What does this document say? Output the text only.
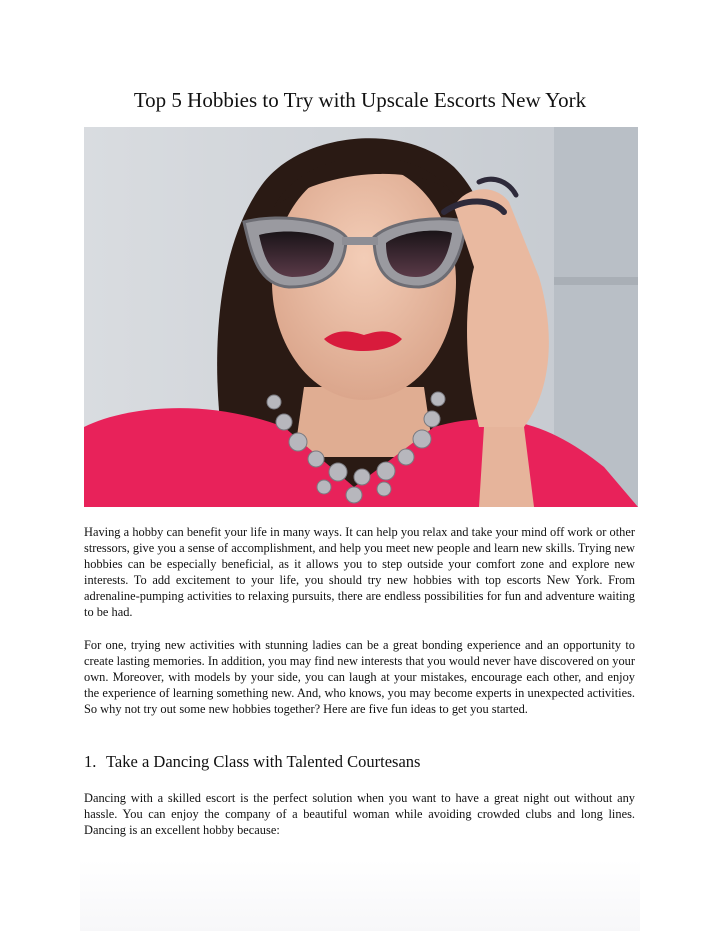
Top 5 Hobbies to Try with Upscale Escorts New York

Having a hobby can benefit your life in many ways. It can help you relax and take your mind off work or other stressors, give you a sense of accomplishment, and help you meet new people and learn new skills. Trying new hobbies can be especially beneficial, as it allows you to step outside your comfort zone and explore new interests. To add excitement to your life, you should try new hobbies with top escorts New York. From adrenaline-pumping activities to relaxing pursuits, there are endless possibilities for fun and adventure waiting to be had.

For one, trying new activities with stunning ladies can be a great bonding experience and an opportunity to create lasting memories. In addition, you may find new interests that you would never have discovered on your own. Moreover, with models by your side, you can laugh at your mistakes, encourage each other, and enjoy the experience of learning something new. And, who knows, you may become experts in unexpected activities. So why not try out some new hobbies together? Here are five fun ideas to get you started.

1. Take a Dancing Class with Talented Courtesans

Dancing with a skilled escort is the perfect solution when you want to have a great night out without any hassle. You can enjoy the company of a beautiful woman while avoiding crowded clubs and long lines. Dancing is an excellent hobby because:
